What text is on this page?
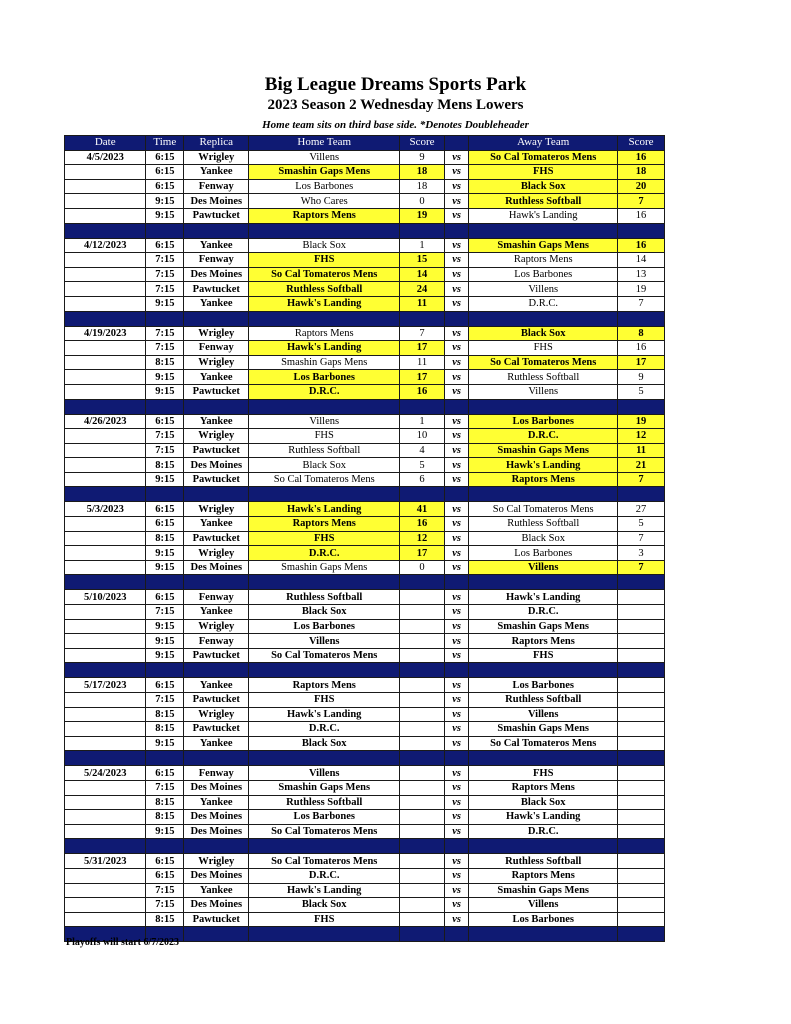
Big League Dreams Sports Park
2023 Season 2 Wednesday Mens Lowers
Home team sits on third base side. *Denotes Doubleheader
Date	Time	Replica	Home Team	Score		Away Team	Score
4/5/2023	6:15	Wrigley	Villens	9	vs	So Cal Tomateros Mens	16
	6:15	Yankee	Smashin Gaps Mens	18	vs	FHS	18
	6:15	Fenway	Los Barbones	18	vs	Black Sox	20
	9:15	Des Moines	Who Cares	0	vs	Ruthless Softball	7
	9:15	Pawtucket	Raptors Mens	19	vs	Hawk's Landing	16

4/12/2023	6:15	Yankee	Black Sox	1	vs	Smashin Gaps Mens	16
	7:15	Fenway	FHS	15	vs	Raptors Mens	14
	7:15	Des Moines	So Cal Tomateros Mens	14	vs	Los Barbones	13
	7:15	Pawtucket	Ruthless Softball	24	vs	Villens	19
	9:15	Yankee	Hawk's Landing	11	vs	D.R.C.	7

4/19/2023	7:15	Wrigley	Raptors Mens	7	vs	Black Sox	8
	7:15	Fenway	Hawk's Landing	17	vs	FHS	16
	8:15	Wrigley	Smashin Gaps Mens	11	vs	So Cal Tomateros Mens	17
	9:15	Yankee	Los Barbones	17	vs	Ruthless Softball	9
	9:15	Pawtucket	D.R.C.	16	vs	Villens	5

4/26/2023	6:15	Yankee	Villens	1	vs	Los Barbones	19
	7:15	Wrigley	FHS	10	vs	D.R.C.	12
	7:15	Pawtucket	Ruthless Softball	4	vs	Smashin Gaps Mens	11
	8:15	Des Moines	Black Sox	5	vs	Hawk's Landing	21
	9:15	Pawtucket	So Cal Tomateros Mens	6	vs	Raptors Mens	7

5/3/2023	6:15	Wrigley	Hawk's Landing	41	vs	So Cal Tomateros Mens	27
	6:15	Yankee	Raptors Mens	16	vs	Ruthless Softball	5
	8:15	Pawtucket	FHS	12	vs	Black Sox	7
	9:15	Wrigley	D.R.C.	17	vs	Los Barbones	3
	9:15	Des Moines	Smashin Gaps Mens	0	vs	Villens	7

5/10/2023	6:15	Fenway	Ruthless Softball		vs	Hawk's Landing	
	7:15	Yankee	Black Sox		vs	D.R.C.	
	9:15	Wrigley	Los Barbones		vs	Smashin Gaps Mens	
	9:15	Fenway	Villens		vs	Raptors Mens	
	9:15	Pawtucket	So Cal Tomateros Mens		vs	FHS	

5/17/2023	6:15	Yankee	Raptors Mens		vs	Los Barbones	
	7:15	Pawtucket	FHS		vs	Ruthless Softball	
	8:15	Wrigley	Hawk's Landing		vs	Villens	
	8:15	Pawtucket	D.R.C.		vs	Smashin Gaps Mens	
	9:15	Yankee	Black Sox		vs	So Cal Tomateros Mens	

5/24/2023	6:15	Fenway	Villens		vs	FHS	
	7:15	Des Moines	Smashin Gaps Mens		vs	Raptors Mens	
	8:15	Yankee	Ruthless Softball		vs	Black Sox	
	8:15	Des Moines	Los Barbones		vs	Hawk's Landing	
	9:15	Des Moines	So Cal Tomateros Mens		vs	D.R.C.	

5/31/2023	6:15	Wrigley	So Cal Tomateros Mens		vs	Ruthless Softball	
	6:15	Des Moines	D.R.C.		vs	Raptors Mens	
	7:15	Yankee	Hawk's Landing		vs	Smashin Gaps Mens	
	7:15	Des Moines	Black Sox		vs	Villens	
	8:15	Pawtucket	FHS		vs	Los Barbones	

Playoffs will start 6/7/2023
